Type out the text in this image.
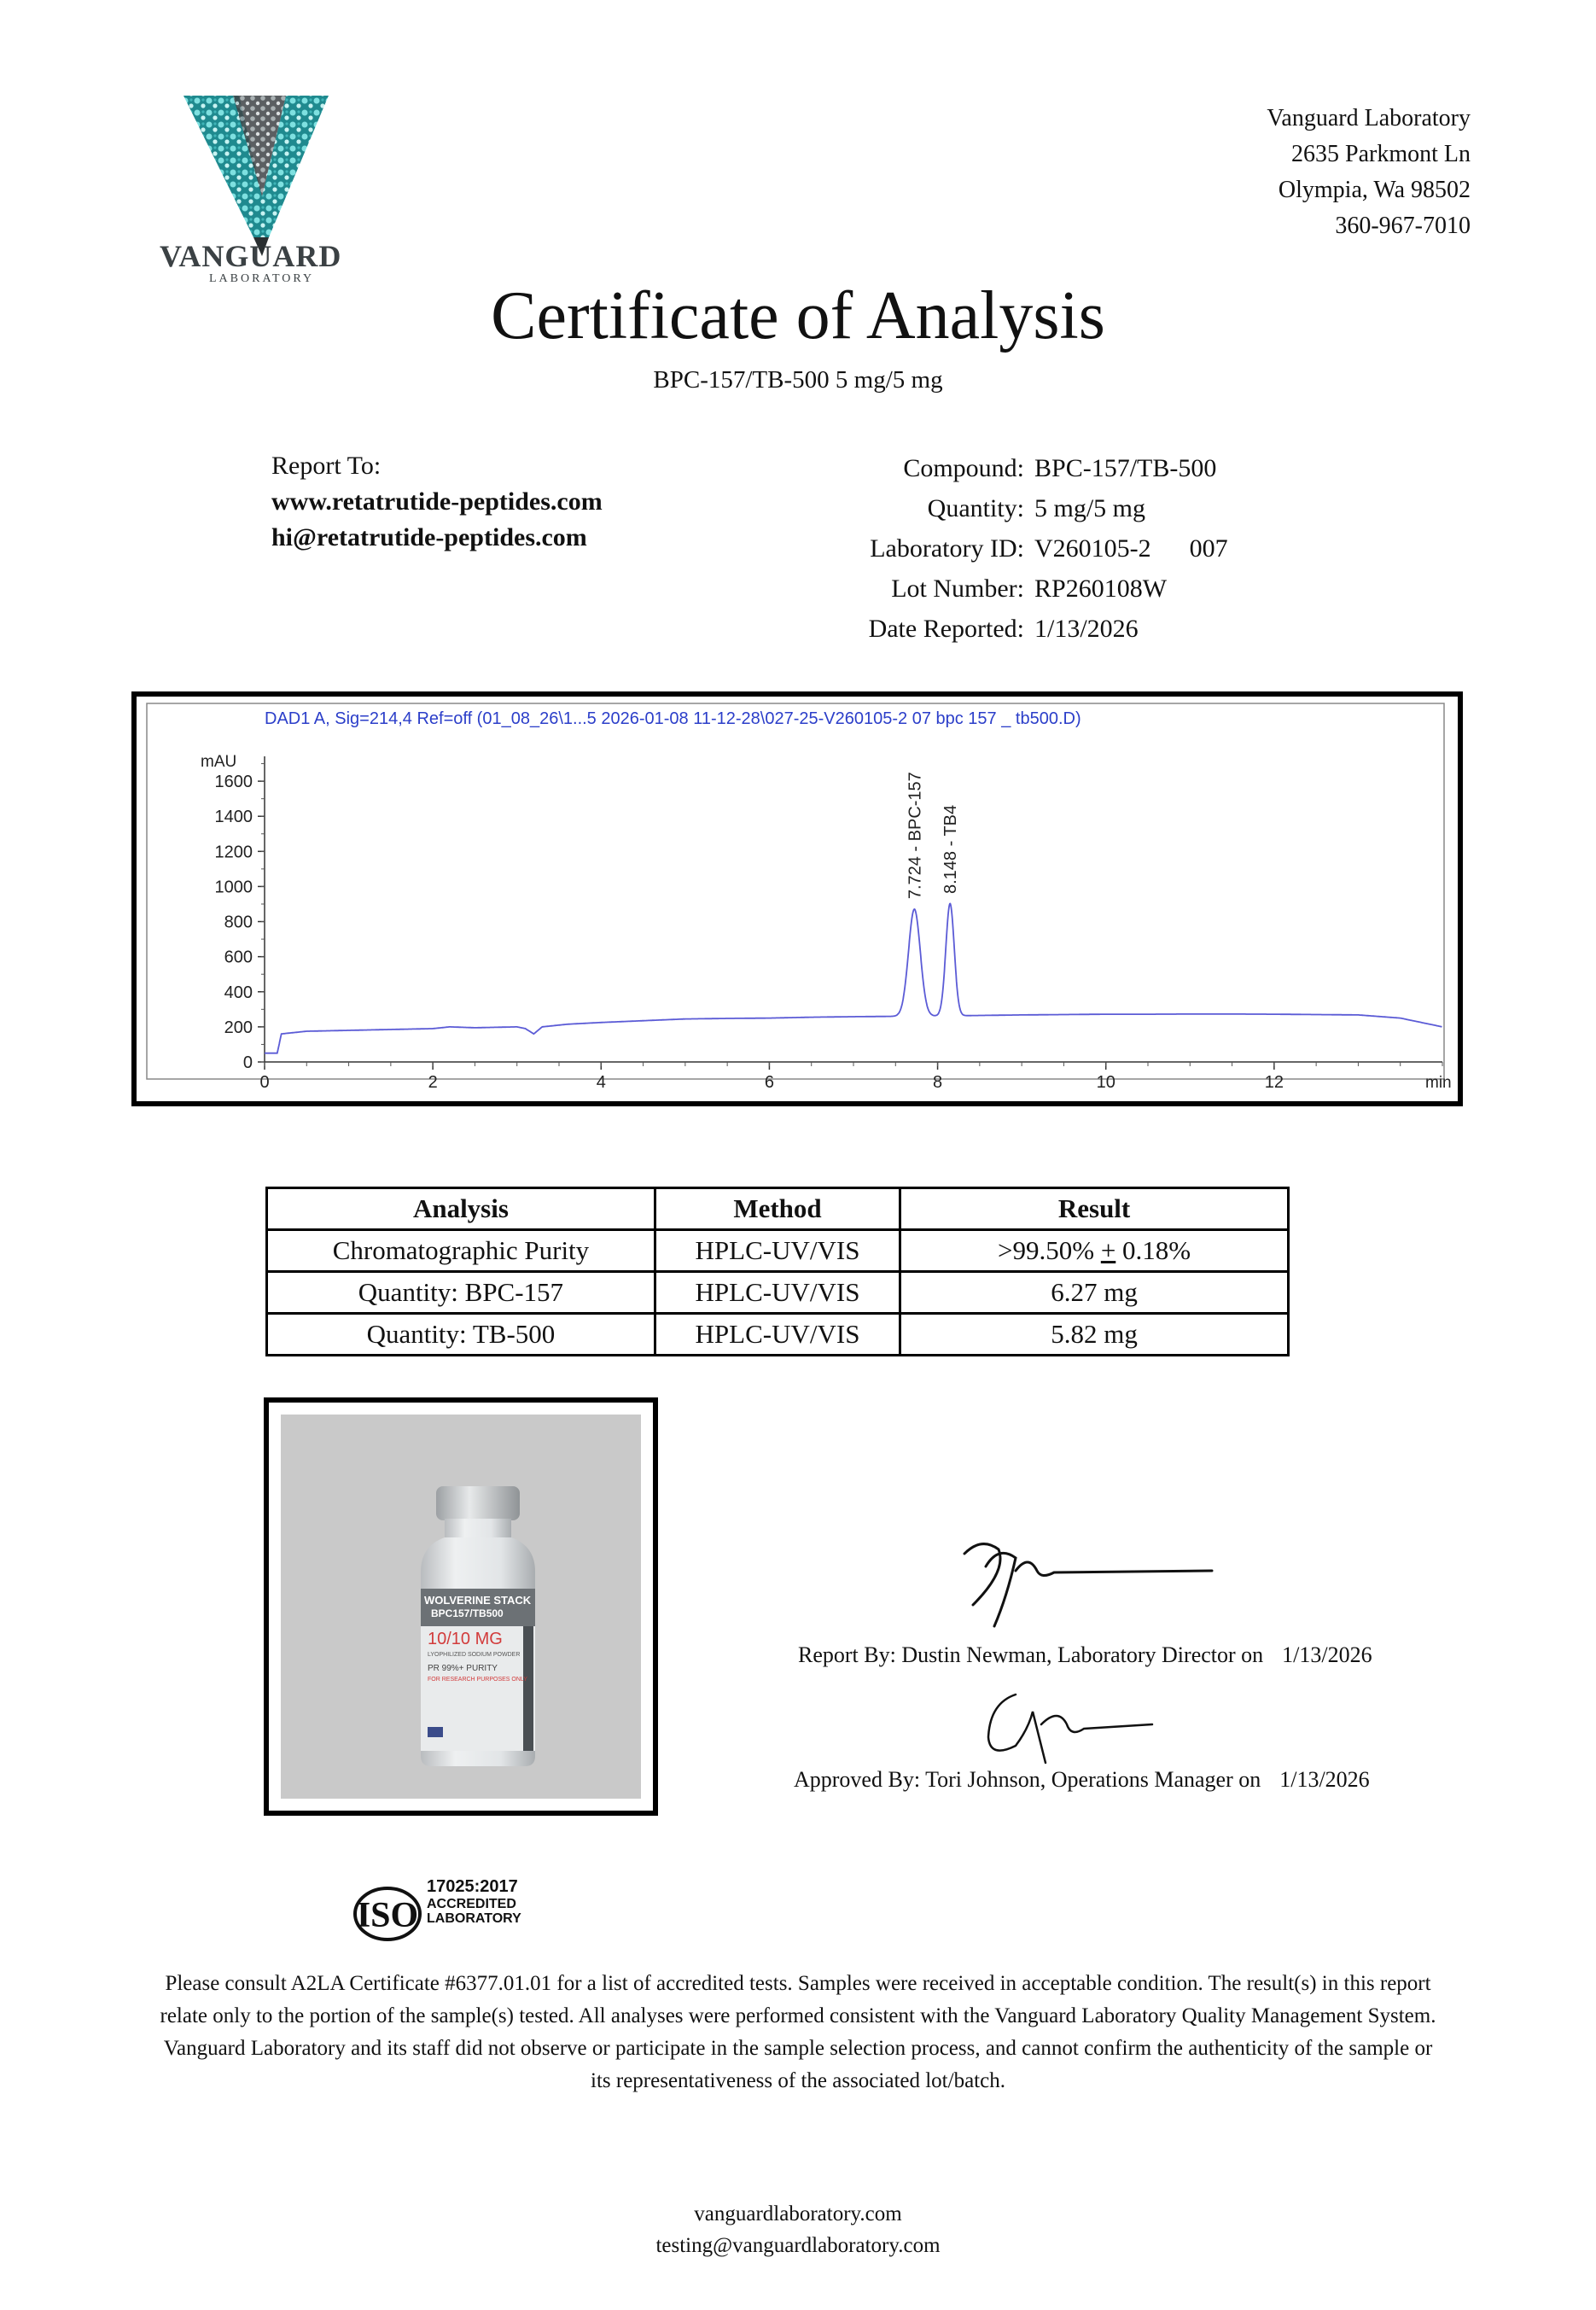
VANGUARD
LABORATORY
Vanguard Laboratory
2635 Parkmont Ln
Olympia, Wa 98502
360-967-7010
Certificate of Analysis
BPC-157/TB-500 5 mg/5 mg
Report To:
www.retatrutide-peptides.com
hi@retatrutide-peptides.com
Compound: BPC-157/TB-500
Quantity: 5 mg/5 mg
Laboratory ID: V260105-2      007
Lot Number: RP260108W
Date Reported: 1/13/2026
DAD1 A, Sig=214,4 Ref=off (01_08_26\1...5 2026-01-08 11-12-28\027-25-V260105-2 07 bpc 157 _ tb500.D)
mAU
min
0
200
400
600
800
1000
1200
1400
1600
0	2	4	6	8	10	12
7.724 - BPC-157 8.148 - TB4
Analysis	Method	Result
Chromatographic Purity	HPLC-UV/VIS	>99.50% + 0.18%
Quantity: BPC-157	HPLC-UV/VIS	6.27 mg
Quantity: TB-500	HPLC-UV/VIS	5.82 mg
WOLVERINE STACK
BPC157/TB500
10/10 MG
LYOPHILIZED SODIUM POWDER
PR 99%+ PURITY
FOR RESEARCH PURPOSES ONLY
Report By: Dustin Newman, Laboratory Director on 1/13/2026
Approved By: Tori Johnson, Operations Manager on 1/13/2026
ISO
17025:2017
ACCREDITED
LABORATORY
Please consult A2LA Certificate #6377.01.01 for a list of accredited tests. Samples were received in acceptable condition. The result(s) in this report relate only to the portion of the sample(s) tested. All analyses were performed consistent with the Vanguard Laboratory Quality Management System. Vanguard Laboratory and its staff did not observe or participate in the sample selection process, and cannot confirm the authenticity of the sample or its representativeness of the associated lot/batch.
vanguardlaboratory.com
testing@vanguardlaboratory.com
